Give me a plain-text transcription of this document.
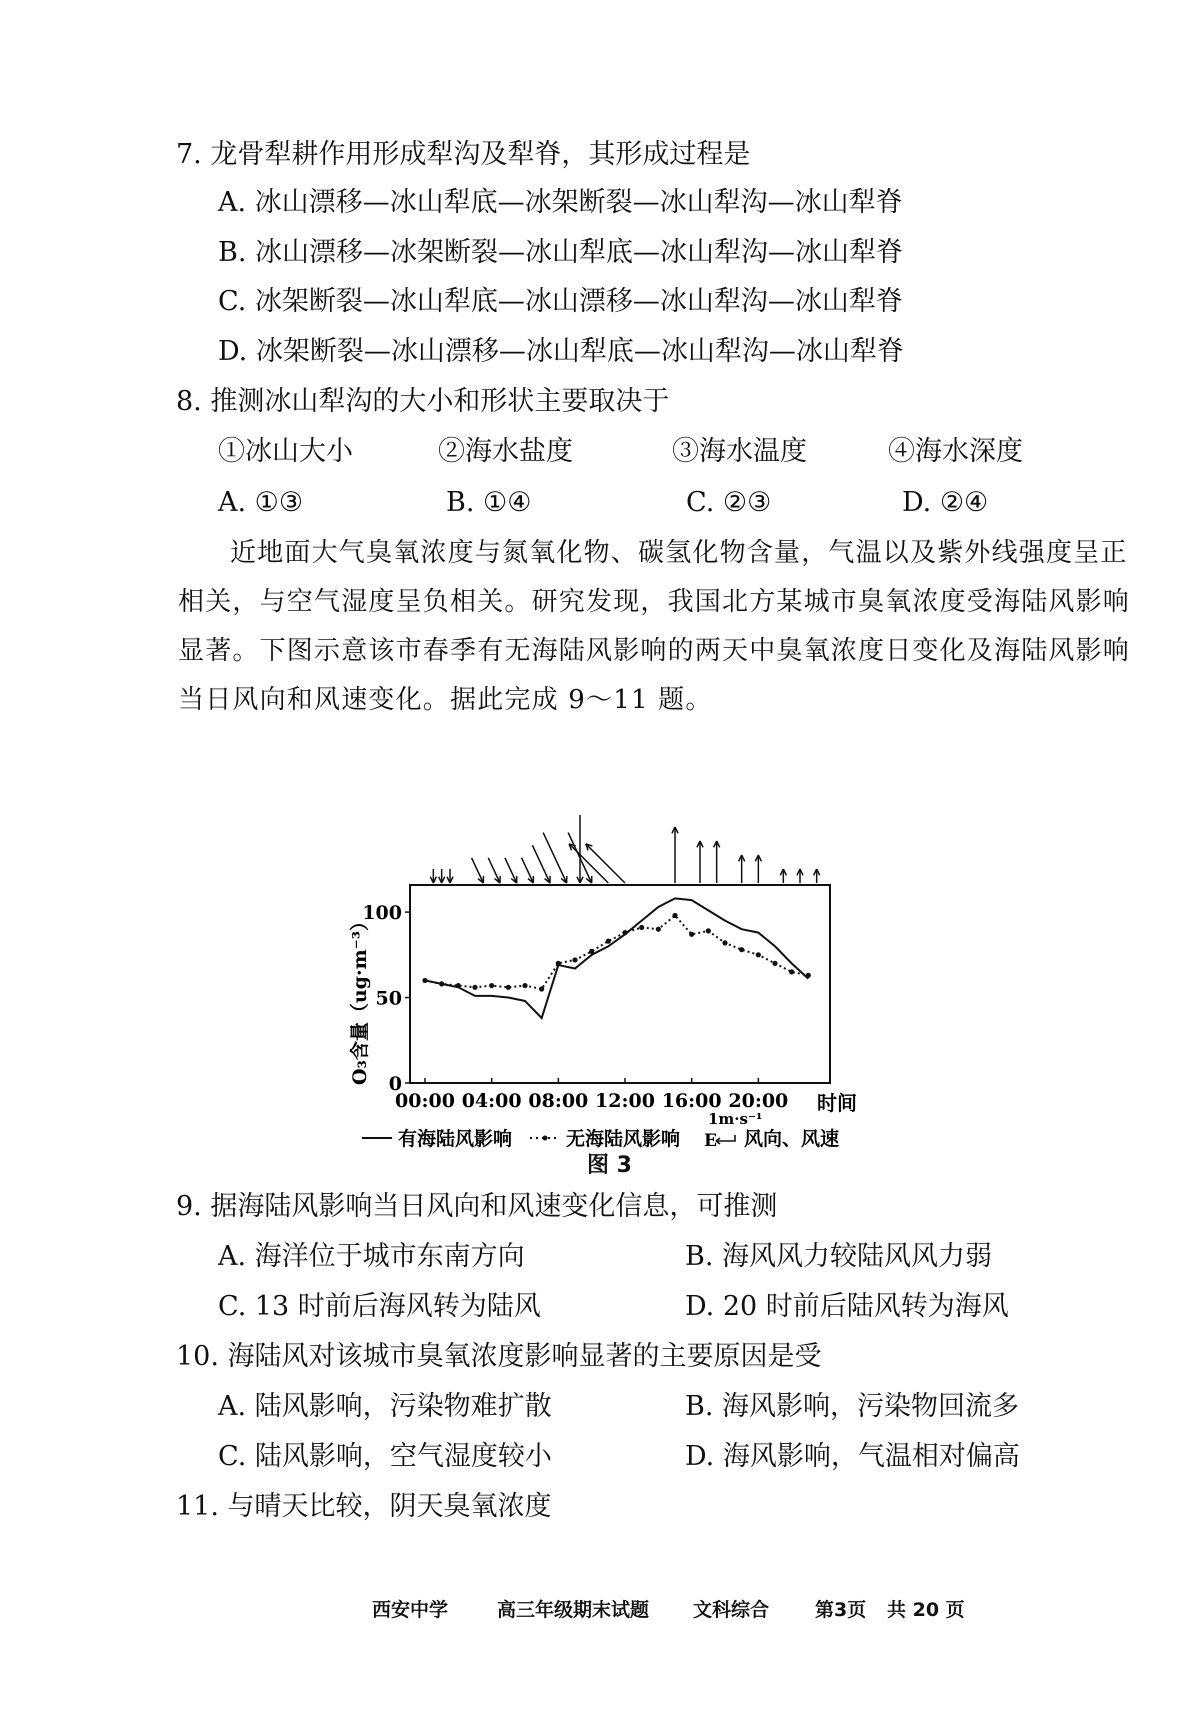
7. 龙骨犁耕作用形成犁沟及犁脊，其形成过程是
A. 冰山漂移—冰山犁底—冰架断裂—冰山犁沟—冰山犁脊
B. 冰山漂移—冰架断裂—冰山犁底—冰山犁沟—冰山犁脊
C. 冰架断裂—冰山犁底—冰山漂移—冰山犁沟—冰山犁脊
D. 冰架断裂—冰山漂移—冰山犁底—冰山犁沟—冰山犁脊
8. 推测冰山犁沟的大小和形状主要取决于
①冰山大小	②海水盐度	③海水温度	④海水深度
A. ①③	B. ①④	C. ②③	D. ②④
近地面大气臭氧浓度与氮氧化物、碳氢化物含量，气温以及紫外线强度呈正
相关，与空气湿度呈负相关。研究发现，我国北方某城市臭氧浓度受海陆风影响
显著。下图示意该市春季有无海陆风影响的两天中臭氧浓度日变化及海陆风影响
当日风向和风速变化。据此完成 9～11 题。
0
50
100
00:00 04:00 08:00 12:00 16:00 20:00
O₃含量（ug·m⁻³）
时间
有海陆风影响	无海陆风影响
1m·s⁻¹
E 风向、风速
图 3
9. 据海陆风影响当日风向和风速变化信息，可推测
A. 海洋位于城市东南方向	B. 海风风力较陆风风力弱
C. 13 时前后海风转为陆风	D. 20 时前后陆风转为海风
10. 海陆风对该城市臭氧浓度影响显著的主要原因是受
A. 陆风影响，污染物难扩散	B. 海风影响，污染物回流多
C. 陆风影响，空气湿度较小	D. 海风影响，气温相对偏高
11. 与晴天比较，阴天臭氧浓度
西安中学	高三年级期末试题 文科综合 第3页 共 20 页
